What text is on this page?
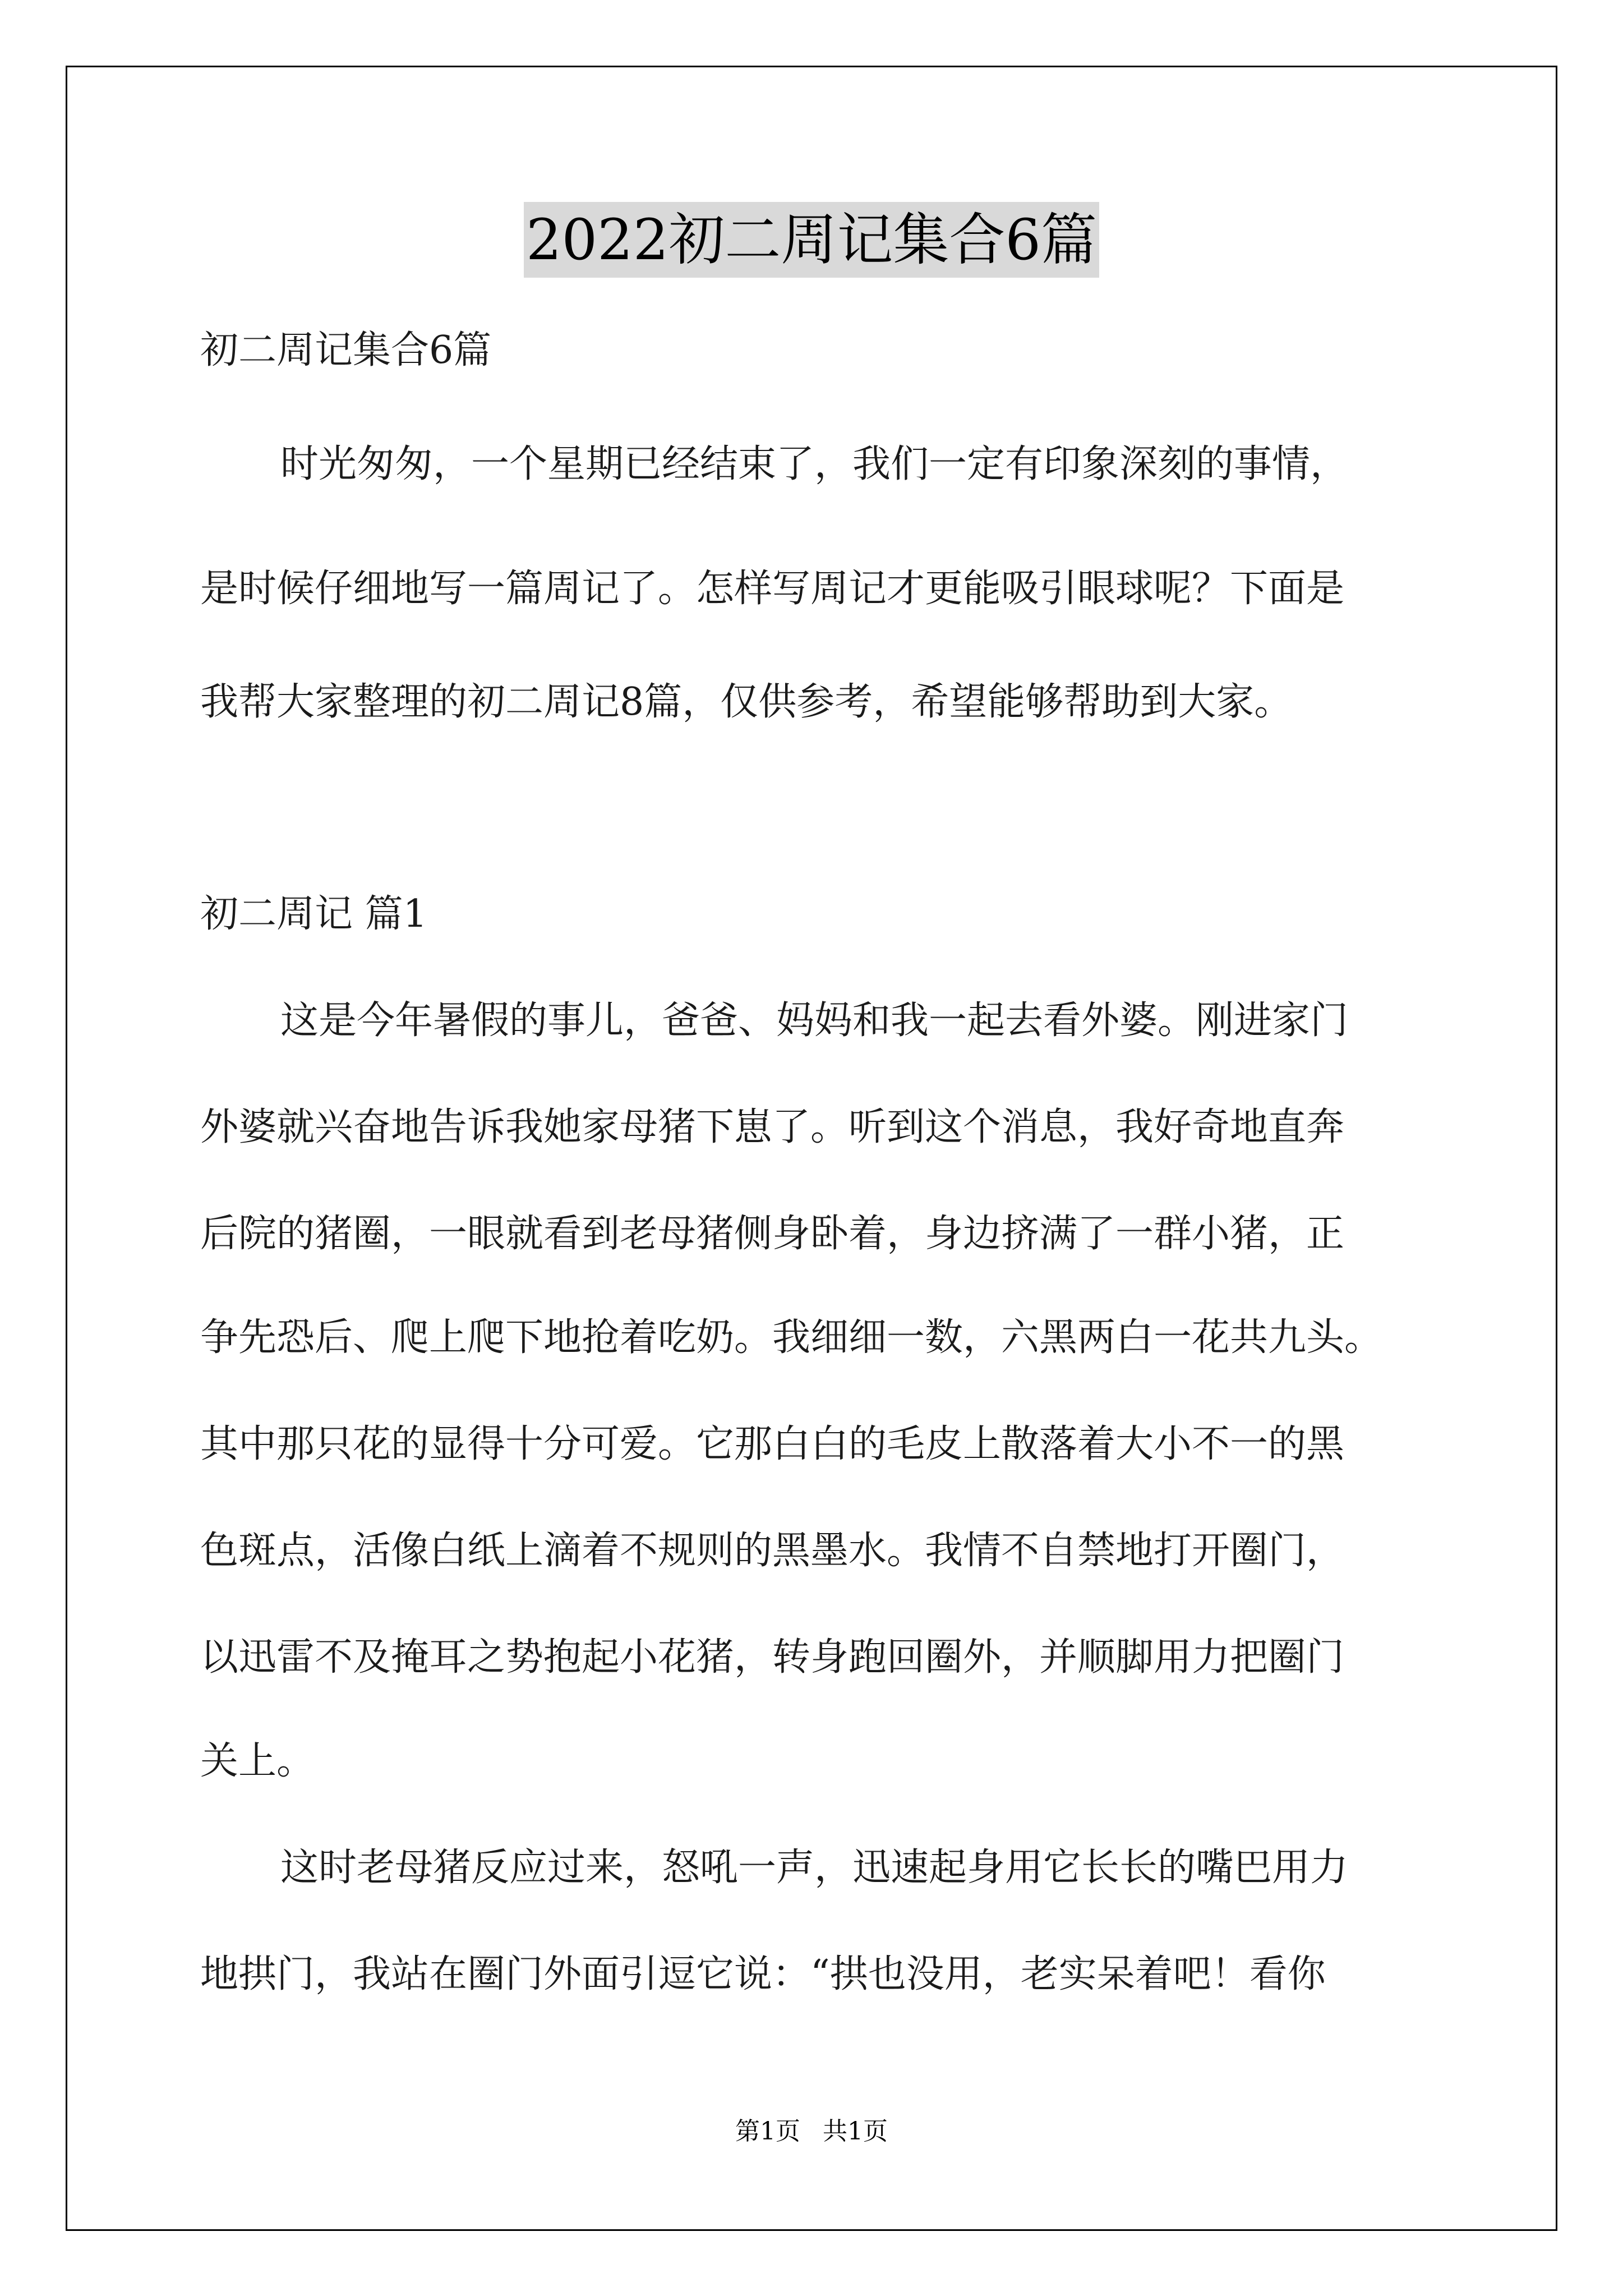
2022初二周记集合6篇
初二周记集合6篇
时光匆匆，一个星期已经结束了，我们一定有印象深刻的事情，
是时候仔细地写一篇周记了。怎样写周记才更能吸引眼球呢？下面是
我帮大家整理的初二周记8篇，仅供参考，希望能够帮助到大家。
初二周记 篇1
这是今年暑假的事儿，爸爸、妈妈和我一起去看外婆。刚进家门
外婆就兴奋地告诉我她家母猪下崽了。听到这个消息，我好奇地直奔
后院的猪圈，一眼就看到老母猪侧身卧着，身边挤满了一群小猪，正
争先恐后、爬上爬下地抢着吃奶。我细细一数，六黑两白一花共九头。
其中那只花的显得十分可爱。它那白白的毛皮上散落着大小不一的黑
色斑点，活像白纸上滴着不规则的黑墨水。我情不自禁地打开圈门，
以迅雷不及掩耳之势抱起小花猪，转身跑回圈外，并顺脚用力把圈门
关上。
这时老母猪反应过来，怒吼一声，迅速起身用它长长的嘴巴用力
地拱门，我站在圈门外面引逗它说：“拱也没用，老实呆着吧！看你
第1页 共1页
